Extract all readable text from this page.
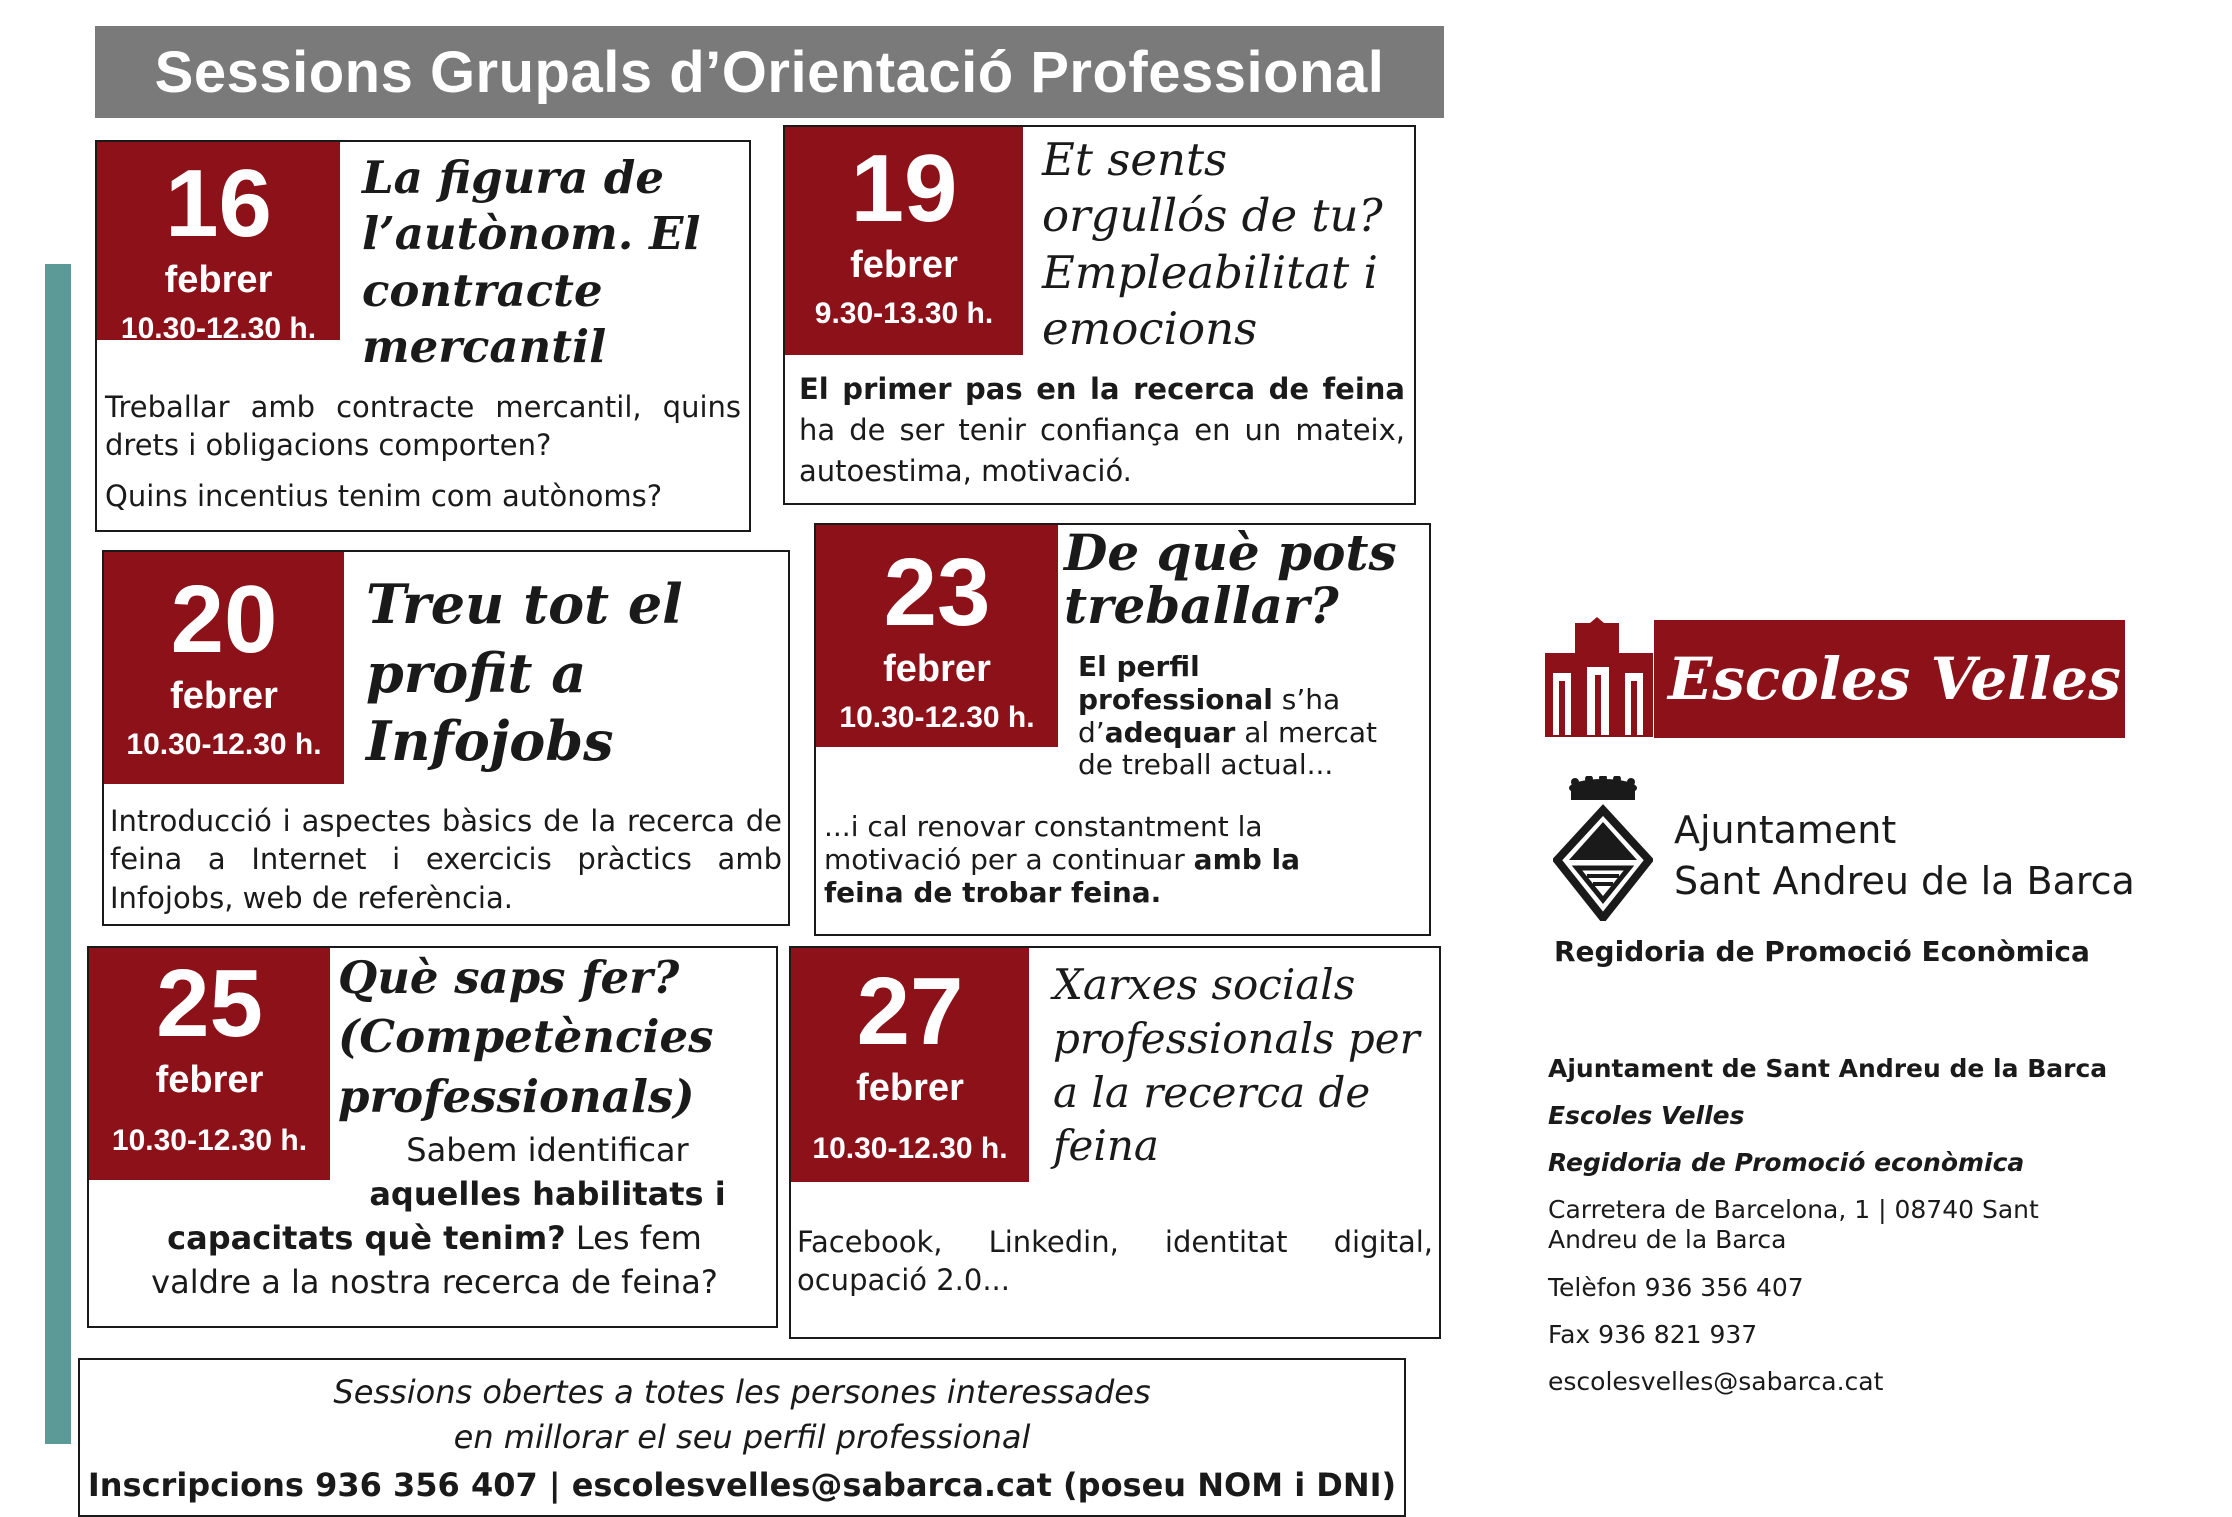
Sessions Grupals d’Orientació Professional
16
febrer
10.30-12.30 h.
La figura de
l’autònom. El
contracte
mercantil

Treballar amb contracte mercantil, quins drets i obligacions comporten?

Quins incentius tenim com autònoms?

19
febrer
9.30-13.30 h.
Et sents
orgullós de tu?
Empleabilitat i
emocions
El primer pas en la recerca de feina ha de ser tenir confiança en un mateix, autoestima, motivació.
20
febrer
10.30-12.30 h.
Treu tot el
profit a
Infojobs

Introducció i aspectes bàsics de la recerca de feina a Internet i exercicis pràctics amb Infojobs, web de referència.

23
febrer
10.30-12.30 h.
De què pots
treballar?
El perfil
professional s’ha
d’adequar al mercat
de treball actual...
...i cal renovar constantment la motivació per a continuar amb la feina de trobar feina.
25
febrer
10.30-12.30 h.
Què saps fer?
(Competències
professionals)
Sabem identificar
aquelles habilitats i
capacitats què tenim? Les fem
valdre a la nostra recerca de feina?
27
febrer
10.30-12.30 h.
Xarxes socials
professionals per
a la recerca de
feina

Facebook, Linkedin, identitat digital, ocupació 2.0...

Escoles Velles
Ajuntament
Sant Andreu de la Barca
Regidoria de Promoció Econòmica
Ajuntament de Sant Andreu de la Barca
Escoles Velles
Regidoria de Promoció econòmica
Carretera de Barcelona, 1 | 08740 Sant Andreu de la Barca
Telèfon 936 356 407
Fax 936 821 937
escolesvelles@sabarca.cat
Sessions obertes a totes les persones interessades
en millorar el seu perfil professional
Inscripcions 936 356 407 | escolesvelles@sabarca.cat (poseu NOM i DNI)
